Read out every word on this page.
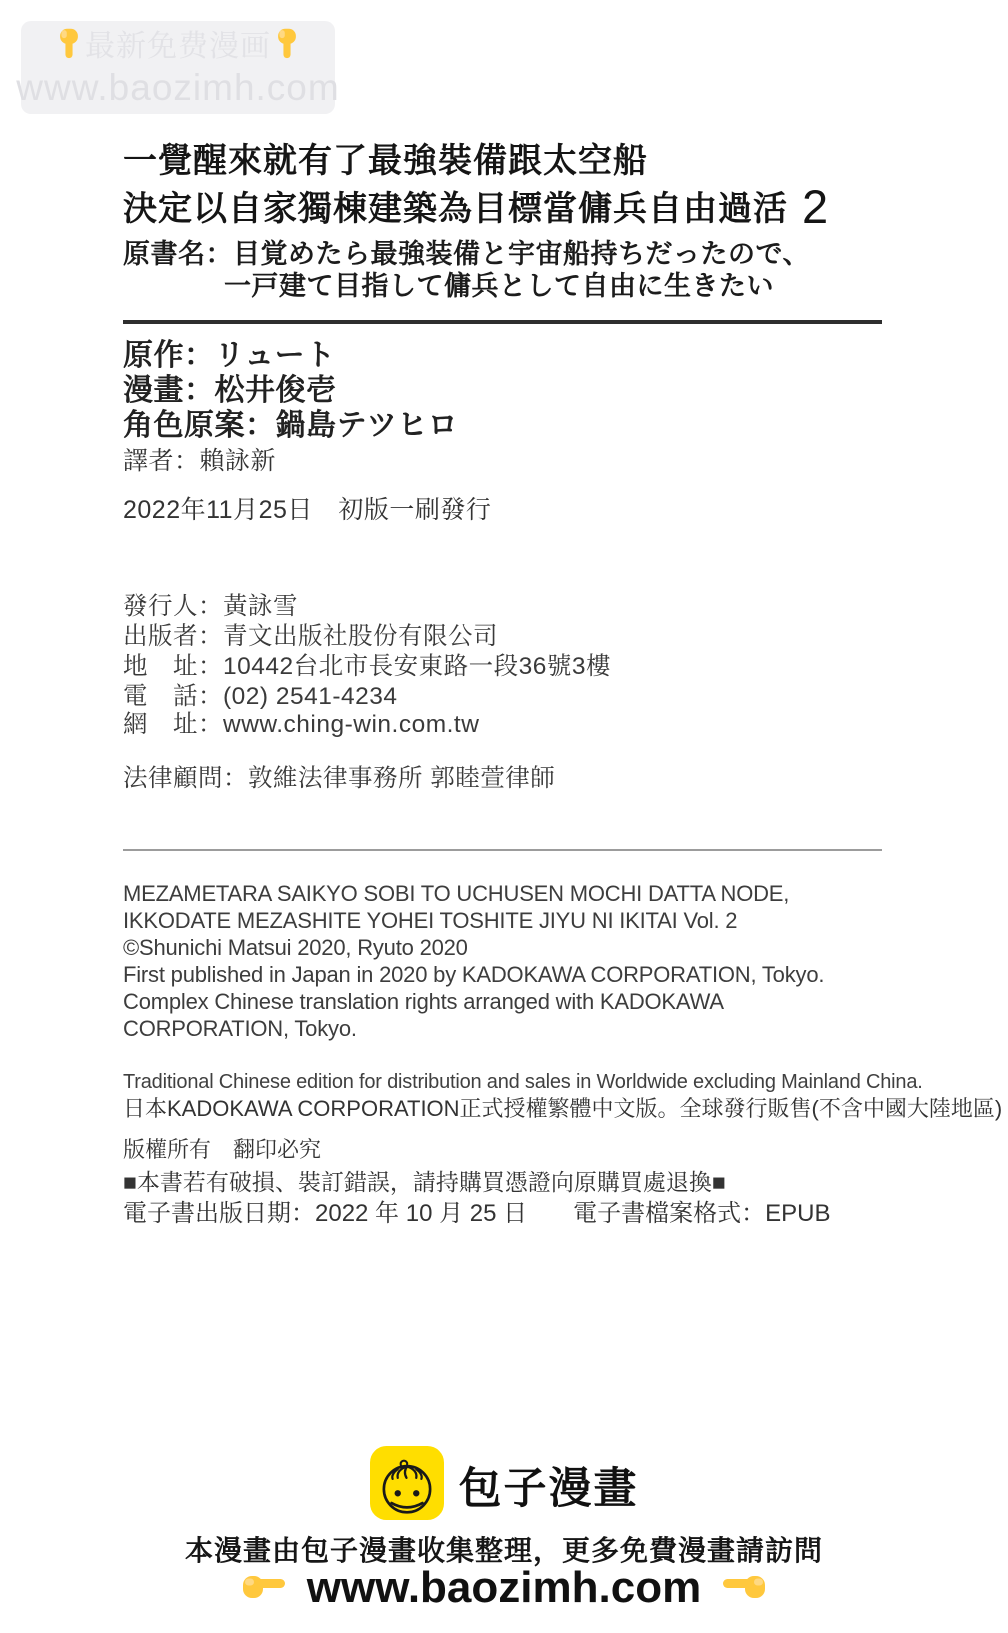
最新免费漫画
www.baozimh.com
一覺醒來就有了最強裝備跟太空船
決定以自家獨棟建築為目標當傭兵自由過活 2
原書名：目覚めたら最強装備と宇宙船持ちだったので、
一戸建て目指して傭兵として自由に生きたい
原作：リュート
漫畫：松井俊壱
角色原案：鍋島テツヒロ
譯者：賴詠新
2022年11月25日　初版一刷發行
發行人：黃詠雪
出版者：青文出版社股份有限公司
地　址：10442台北市長安東路一段36號3樓
電　話：(02) 2541-4234
網　址：www.ching-win.com.tw
法律顧問：敦維法律事務所 郭睦萱律師
MEZAMETARA SAIKYO SOBI TO UCHUSEN MOCHI DATTA NODE,
IKKODATE MEZASHITE YOHEI TOSHITE JIYU NI IKITAI Vol. 2
©Shunichi Matsui 2020, Ryuto 2020
First published in Japan in 2020 by KADOKAWA CORPORATION, Tokyo.
Complex Chinese translation rights arranged with KADOKAWA
CORPORATION, Tokyo.
Traditional Chinese edition for distribution and sales in Worldwide excluding Mainland China.
日本KADOKAWA CORPORATION正式授權繁體中文版。全球發行販售(不含中國大陸地區)
版權所有　翻印必究
■本書若有破損、裝訂錯誤，請持購買憑證向原購買處退換■
電子書出版日期：2022 年 10 月 25 日 電子書檔案格式：EPUB
包子漫畫
本漫畫由包子漫畫收集整理，更多免費漫畫請訪問
www.baozimh.com
